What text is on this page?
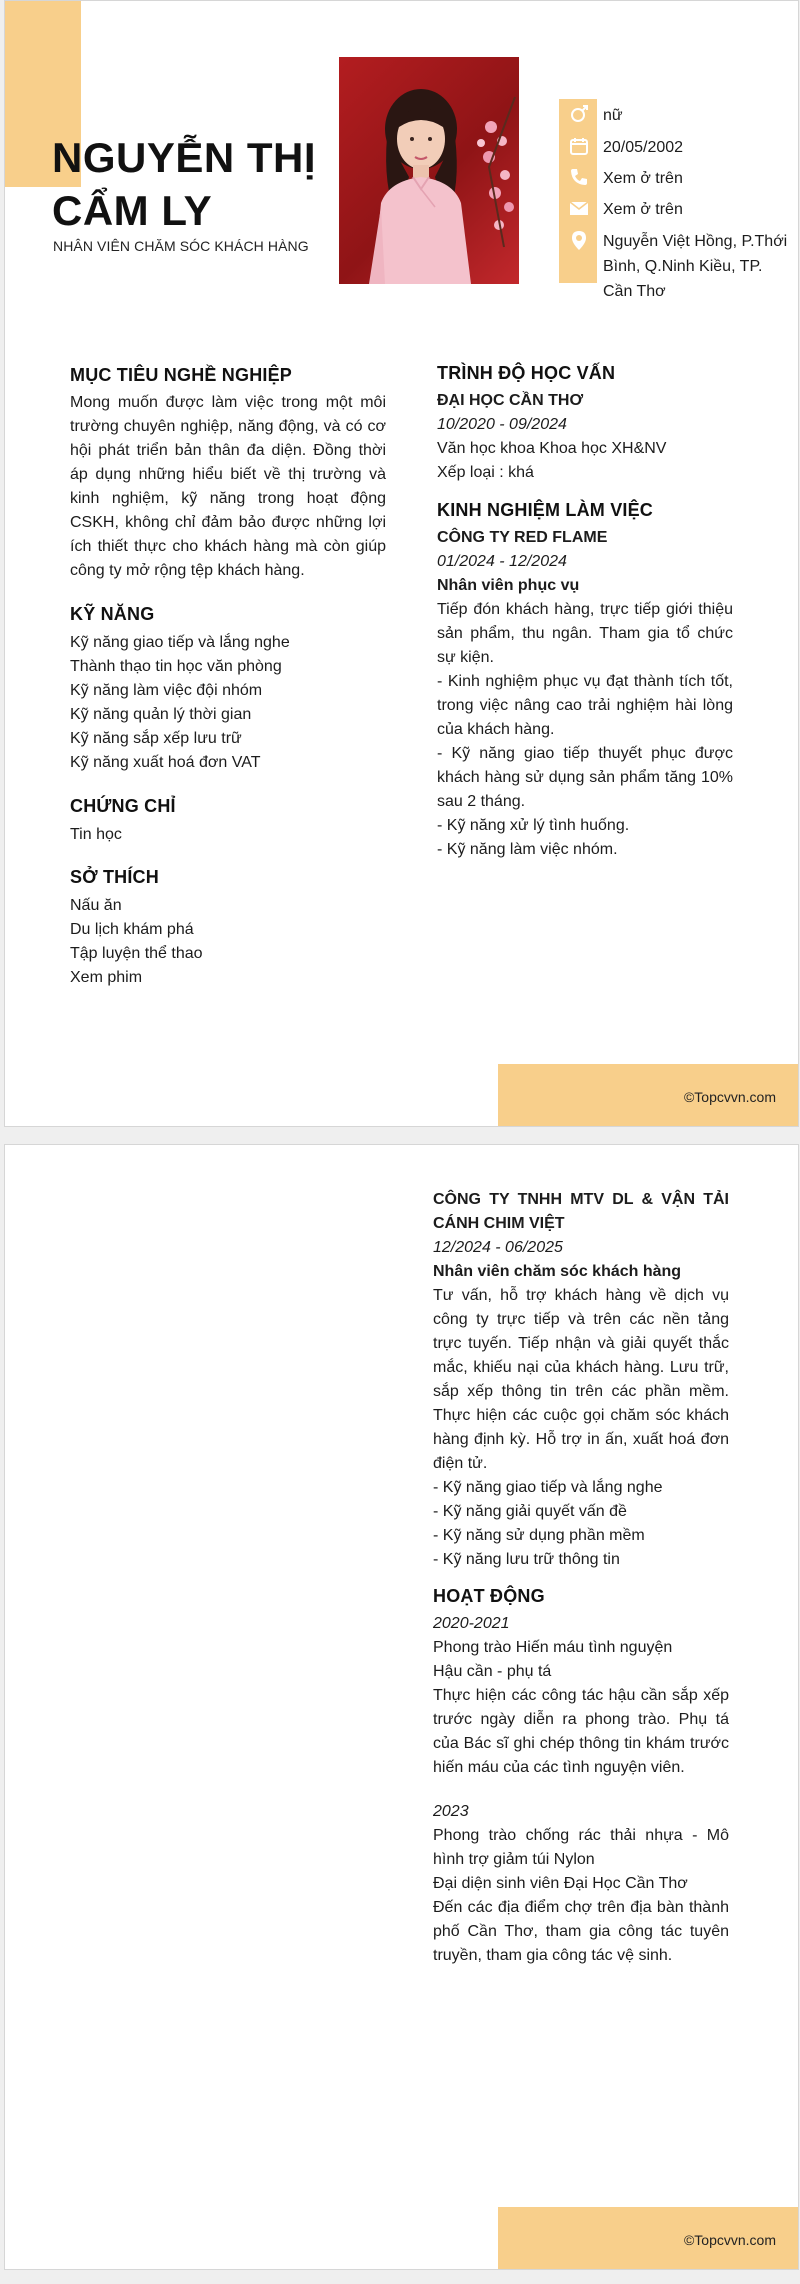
NGUYỄN THỊ
CẨM LY
NHÂN VIÊN CHĂM SÓC KHÁCH HÀNG
nữ
20/05/2002
Xem ở trên
Xem ở trên
Nguyễn Việt Hồng, P.Thới Bình, Q.Ninh Kiều, TP. Cần Thơ
MỤC TIÊU NGHỀ NGHIỆP
Mong muốn được làm việc trong một môi trường chuyên nghiệp, năng động, và có cơ hội phát triển bản thân đa diện. Đồng thời áp dụng những hiểu biết về thị trường và kinh nghiệm, kỹ năng trong hoạt động CSKH, không chỉ đảm bảo được những lợi ích thiết thực cho khách hàng mà còn giúp công ty mở rộng tệp khách hàng.
KỸ NĂNG
Kỹ năng giao tiếp và lắng nghe
Thành thạo tin học văn phòng
Kỹ năng làm việc đội nhóm
Kỹ năng quản lý thời gian
Kỹ năng sắp xếp lưu trữ
Kỹ năng xuất hoá đơn VAT
CHỨNG CHỈ
Tin học
SỞ THÍCH
Nấu ăn
Du lịch khám phá
Tập luyện thể thao
Xem phim
TRÌNH ĐỘ HỌC VẤN
ĐẠI HỌC CẦN THƠ
10/2020 - 09/2024
Văn học khoa Khoa học XH&NV
Xếp loại : khá
KINH NGHIỆM LÀM VIỆC
CÔNG TY RED FLAME
01/2024 - 12/2024
Nhân viên phục vụ
Tiếp đón khách hàng, trực tiếp giới thiệu sản phẩm, thu ngân. Tham gia tổ chức sự kiện.
- Kinh nghiệm phục vụ đạt thành tích tốt, trong việc nâng cao trải nghiệm hài lòng của khách hàng.
- Kỹ năng giao tiếp thuyết phục được khách hàng sử dụng sản phẩm tăng 10% sau 2 tháng.
- Kỹ năng xử lý tình huống.
- Kỹ năng làm việc nhóm.
©Topcvvn.com
CÔNG TY TNHH MTV DL & VẬN TẢI CÁNH CHIM VIỆT
12/2024 - 06/2025
Nhân viên chăm sóc khách hàng
Tư vấn, hỗ trợ khách hàng về dịch vụ công ty trực tiếp và trên các nền tảng trực tuyến. Tiếp nhận và giải quyết thắc mắc, khiếu nại của khách hàng. Lưu trữ, sắp xếp thông tin trên các phần mềm. Thực hiện các cuộc gọi chăm sóc khách hàng định kỳ. Hỗ trợ in ấn, xuất hoá đơn điện tử.
- Kỹ năng giao tiếp và lắng nghe
- Kỹ năng giải quyết vấn đề
- Kỹ năng sử dụng phần mềm
- Kỹ năng lưu trữ thông tin
HOẠT ĐỘNG
2020-2021
Phong trào Hiến máu tình nguyện
Hậu cần - phụ tá
Thực hiện các công tác hậu cần sắp xếp trước ngày diễn ra phong trào. Phụ tá của Bác sĩ ghi chép thông tin khám trước hiến máu của các tình nguyện viên.
2023
Phong trào chống rác thải nhựa - Mô hình trợ giảm túi Nylon
Đại diện sinh viên Đại Học Cần Thơ
Đến các địa điểm chợ trên địa bàn thành phố Cần Thơ, tham gia công tác tuyên truyền, tham gia công tác vệ sinh.
©Topcvvn.com
